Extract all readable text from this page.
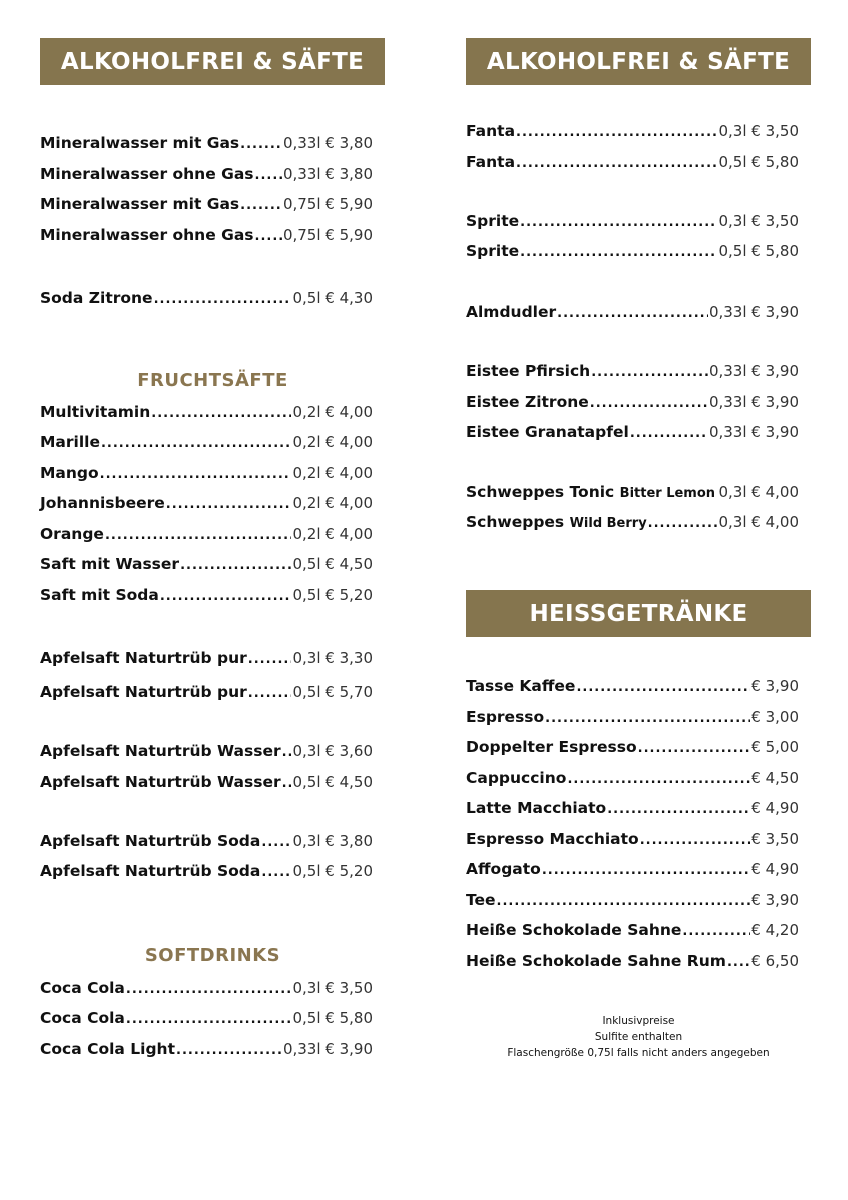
ALKOHOLFREI & SÄFTE
Mineralwasser mit Gas .....	0,33l € 3,80
Mineralwasser ohne Gas ..... 0,33l € 3,80
Mineralwasser mit Gas .....	0,75l € 5,90
Mineralwasser ohne Gas ..... 0,75l € 5,90
Soda Zitrone .....	0,5l € 4,30
FRUCHTSÄFTE
Multivitamin .....	0,2l € 4,00
Marille .....	0,2l € 4,00
Mango .....	0,2l € 4,00
Johannisbeere .....	0,2l € 4,00
Orange .....	0,2l € 4,00
Saft mit Wasser .....	0,5l € 4,50
Saft mit Soda .....	0,5l € 5,20
Apfelsaft Naturtrüb pur .....	0,3l € 3,30
Apfelsaft Naturtrüb pur .....	0,5l € 5,70
Apfelsaft Naturtrüb Wasser ..... 0,3l € 3,60
Apfelsaft Naturtrüb Wasser ..... 0,5l € 4,50
Apfelsaft Naturtrüb Soda ..... 0,3l € 3,80
Apfelsaft Naturtrüb Soda ..... 0,5l € 5,20
SOFTDRINKS
Coca Cola .....	0,3l € 3,50
Coca Cola .....	0,5l € 5,80
Coca Cola Light .....	0,33l € 3,90
ALKOHOLFREI & SÄFTE
Fanta .....	0,3l € 3,50
Fanta .....	0,5l € 5,80
Sprite .....	0,3l € 3,50
Sprite .....	0,5l € 5,80
Almdudler .....	0,33l € 3,90
Eistee Pfirsich .....	0,33l € 3,90
Eistee Zitrone .....	0,33l € 3,90
Eistee Granatapfel .....	0,33l € 3,90
Schweppes Tonic Bitter Lemon ..... 0,3l € 4,00
Schweppes Wild Berry .....	0,3l € 4,00
HEISSGETRÄNKE
Tasse Kaffee .....	€ 3,90
Espresso .....	€ 3,00
Doppelter Espresso .....	€ 5,00
Cappuccino .....	€ 4,50
Latte Macchiato .....	€ 4,90
Espresso Macchiato .....	€ 3,50
Affogato .....	€ 4,90
Tee .....	€ 3,90
Heiße Schokolade Sahne .....	€ 4,20
Heiße Schokolade Sahne Rum ..... € 6,50
Inklusivpreise
Sulfite enthalten
Flaschengröße 0,75l falls nicht anders angegeben
